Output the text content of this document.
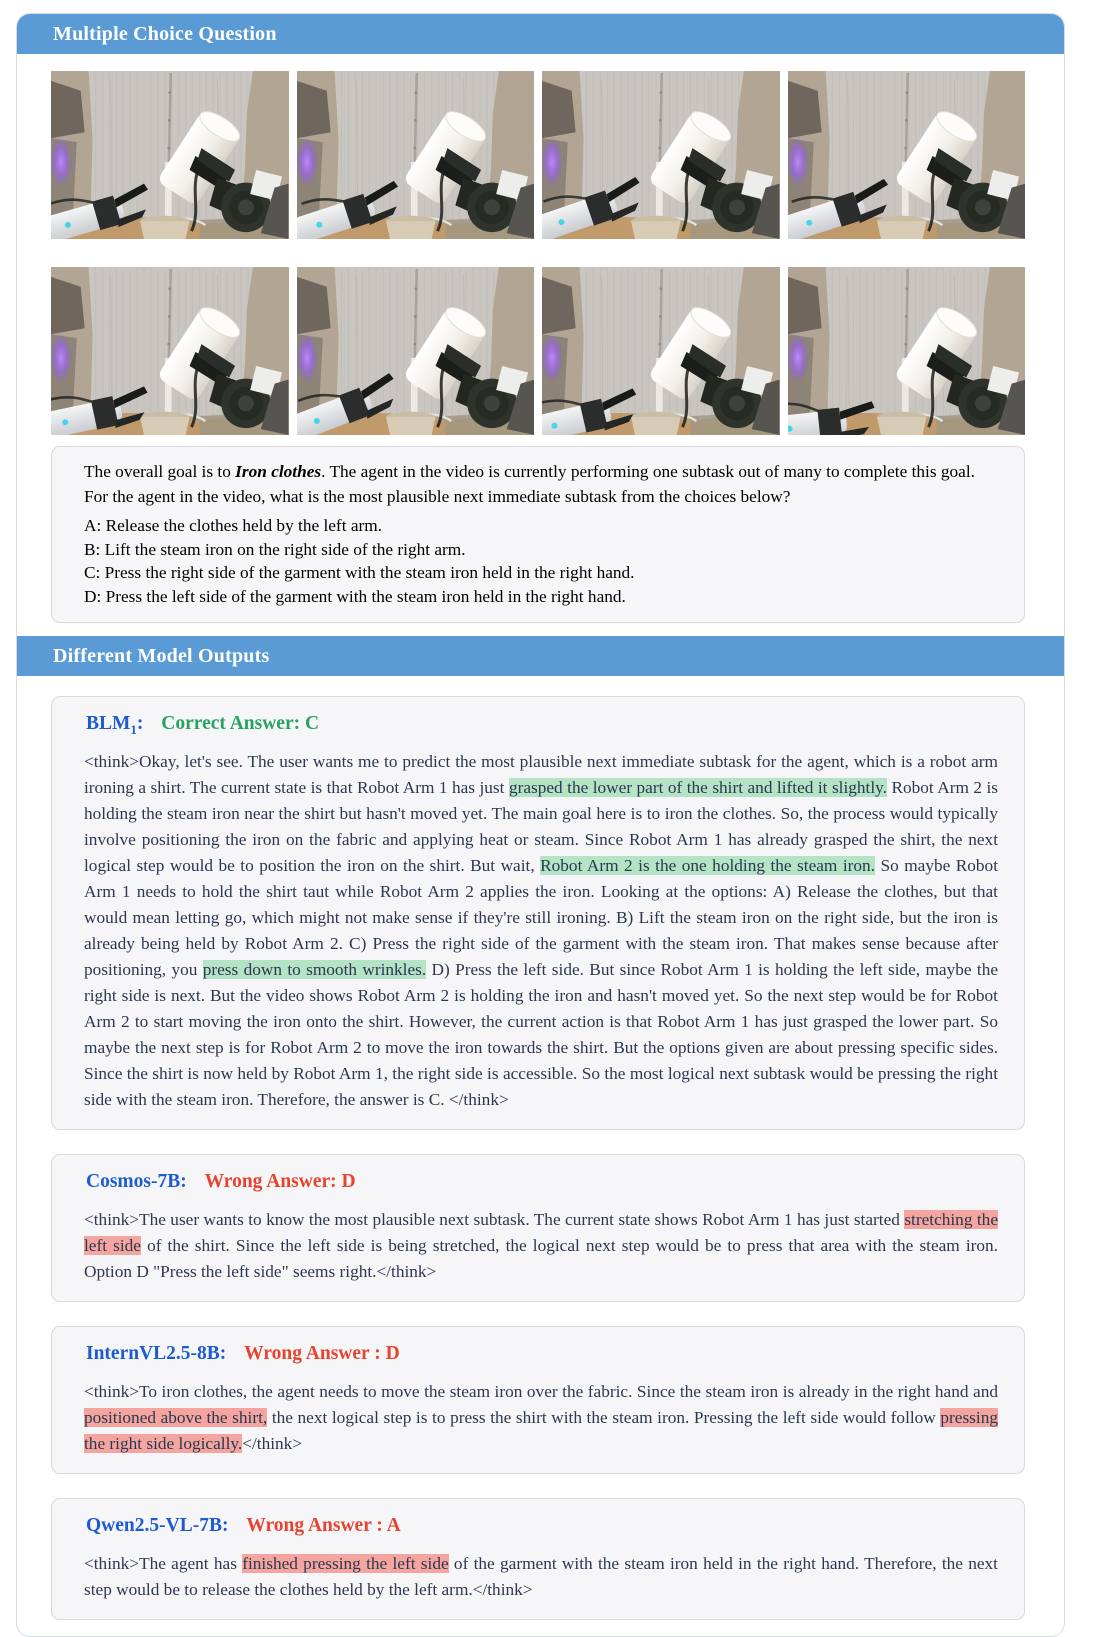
Multiple Choice Question

The overall goal is to Iron clothes. The agent in the video is currently performing one subtask out of many to complete this goal. For the agent in the video, what is the most plausible next immediate subtask from the choices below?

A: Release the clothes held by the left arm.
B: Lift the steam iron on the right side of the right arm.
C: Press the right side of the garment with the steam iron held in the right hand.
D: Press the left side of the garment with the steam iron held in the right hand.
Different Model Outputs
$BLM_1$: Correct Answer: C

<think>Okay, let's see. The user wants me to predict the most plausible next immediate subtask for the agent, which is a robot arm ironing a shirt. The current state is that Robot Arm 1 has just grasped the lower part of the shirt and lifted it slightly. Robot Arm 2 is holding the steam iron near the shirt but hasn't moved yet. The main goal here is to iron the clothes. So, the process would typically involve positioning the iron on the fabric and applying heat or steam. Since Robot Arm 1 has already grasped the shirt, the next logical step would be to position the iron on the shirt. But wait, Robot Arm 2 is the one holding the steam iron. So maybe Robot Arm 1 needs to hold the shirt taut while Robot Arm 2 applies the iron. Looking at the options: A) Release the clothes, but that would mean letting go, which might not make sense if they're still ironing. B) Lift the steam iron on the right side, but the iron is already being held by Robot Arm 2. C) Press the right side of the garment with the steam iron. That makes sense because after positioning, you press down to smooth wrinkles. D) Press the left side. But since Robot Arm 1 is holding the left side, maybe the right side is next. But the video shows Robot Arm 2 is holding the iron and hasn't moved yet. So the next step would be for Robot Arm 2 to start moving the iron onto the shirt. However, the current action is that Robot Arm 1 has just grasped the lower part. So maybe the next step is for Robot Arm 2 to move the iron towards the shirt. But the options given are about pressing specific sides. Since the shirt is now held by Robot Arm 1, the right side is accessible. So the most logical next subtask would be pressing the right side with the steam iron. Therefore, the answer is C. </think>

Cosmos-7B: Wrong Answer: D

<think>The user wants to know the most plausible next subtask. The current state shows Robot Arm 1 has just started stretching the left side of the shirt. Since the left side is being stretched, the logical next step would be to press that area with the steam iron. Option D "Press the left side" seems right.</think>

InternVL2.5-8B: Wrong Answer : D

<think>To iron clothes, the agent needs to move the steam iron over the fabric. Since the steam iron is already in the right hand and positioned above the shirt, the next logical step is to press the shirt with the steam iron. Pressing the left side would follow pressing the right side logically.</think>

Qwen2.5-VL-7B: Wrong Answer : A

<think>The agent has finished pressing the left side of the garment with the steam iron held in the right hand. Therefore, the next step would be to release the clothes held by the left arm.</think>
